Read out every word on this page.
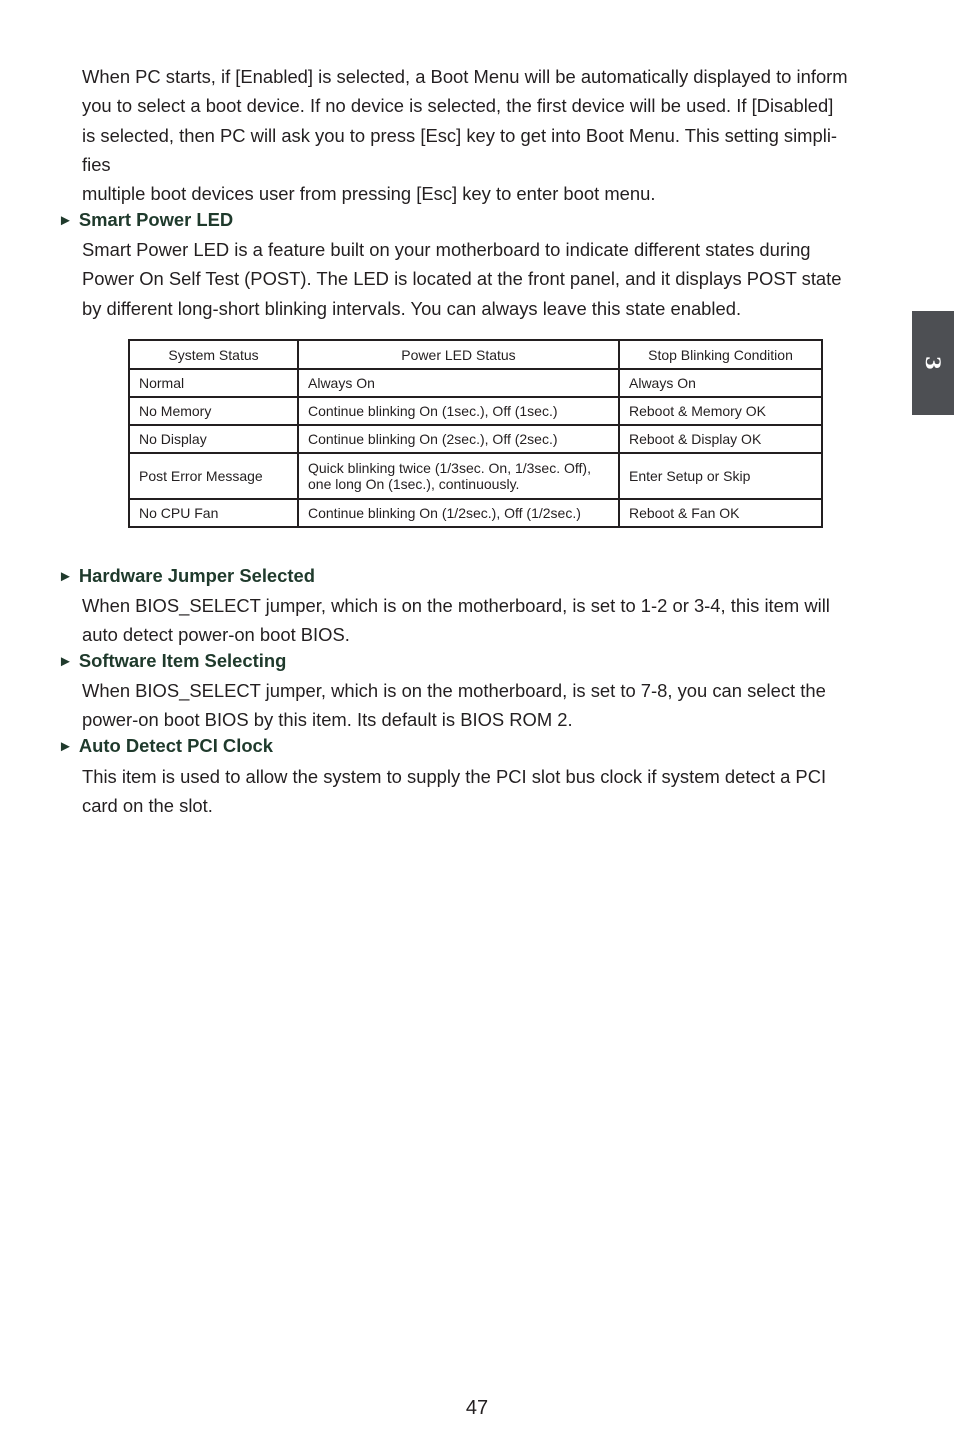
When PC starts, if [Enabled] is selected, a Boot Menu will be automatically displayed to inform
you to select a boot device. If no device is selected, the first device will be used. If [Disabled]
is selected, then PC will ask you to press [Esc] key to get into Boot Menu. This setting simpli-
fies
multiple boot devices user from pressing [Esc] key to enter boot menu.
► Smart Power LED
Smart Power LED is a feature built on your motherboard to indicate different states during
Power On Self Test (POST). The LED is located at the front panel, and it displays POST state
by different long-short blinking intervals. You can always leave this state enabled.
System Status	Power LED Status	Stop Blinking Condition
Normal	Always On	Always On
No Memory	Continue blinking On (1sec.), Off (1sec.)	Reboot & Memory OK
No Display	Continue blinking On (2sec.), Off (2sec.)	Reboot & Display OK
Post Error Message	Quick blinking twice (1/3sec. On, 1/3sec. Off),
one long On (1sec.), continuously.	Enter Setup or Skip
No CPU Fan	Continue blinking On (1/2sec.), Off (1/2sec.)	Reboot & Fan OK
► Hardware Jumper Selected
When BIOS_SELECT jumper, which is on the motherboard, is set to 1-2 or 3-4, this item will
auto detect power-on boot BIOS.
► Software Item Selecting
When BIOS_SELECT jumper, which is on the motherboard, is set to 7-8, you can select the
power-on boot BIOS by this item. Its default is BIOS ROM 2.
► Auto Detect PCI Clock
This item is used to allow the system to supply the PCI slot bus clock if system detect a PCI
card on the slot.
3
47
